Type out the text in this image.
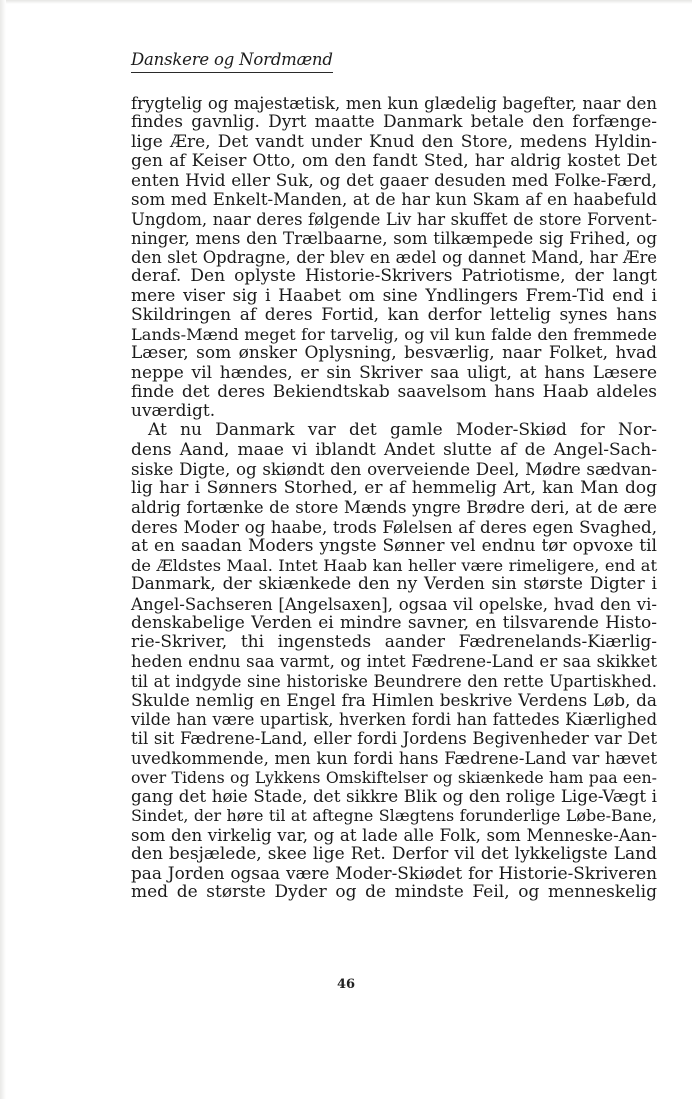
Danskere og Nordmænd
frygtelig og majestætisk, men kun glædelig bagefter, naar den
findes gavnlig. Dyrt maatte Danmark betale den forfænge-
lige Ære, Det vandt under Knud den Store, medens Hyldin-
gen af Keiser Otto, om den fandt Sted, har aldrig kostet Det
enten Hvid eller Suk, og det gaaer desuden med Folke-Færd,
som med Enkelt-Manden, at de har kun Skam af en haabefuld
Ungdom, naar deres følgende Liv har skuffet de store Forvent-
ninger, mens den Trælbaarne, som tilkæmpede sig Frihed, og
den slet Opdragne, der blev en ædel og dannet Mand, har Ære
deraf. Den oplyste Historie-Skrivers Patriotisme, der langt
mere viser sig i Haabet om sine Yndlingers Frem-Tid end i
Skildringen af deres Fortid, kan derfor lettelig synes hans
Lands-Mænd meget for tarvelig, og vil kun falde den fremmede
Læser, som ønsker Oplysning, besværlig, naar Folket, hvad
neppe vil hændes, er sin Skriver saa uligt, at hans Læsere
finde det deres Bekiendtskab saavelsom hans Haab aldeles
uværdigt.
At nu Danmark var det gamle Moder-Skiød for Nor-
dens Aand, maae vi iblandt Andet slutte af de Angel-Sach-
siske Digte, og skiøndt den overveiende Deel, Mødre sædvan-
lig har i Sønners Storhed, er af hemmelig Art, kan Man dog
aldrig fortænke de store Mænds yngre Brødre deri, at de ære
deres Moder og haabe, trods Følelsen af deres egen Svaghed,
at en saadan Moders yngste Sønner vel endnu tør opvoxe til
de Ældstes Maal. Intet Haab kan heller være rimeligere, end at
Danmark, der skiænkede den ny Verden sin største Digter i
Angel-Sachseren [Angelsaxen], ogsaa vil opelske, hvad den vi-
denskabelige Verden ei mindre savner, en tilsvarende Histo-
rie-Skriver, thi ingensteds aander Fædrenelands-Kiærlig-
heden endnu saa varmt, og intet Fædrene-Land er saa skikket
til at indgyde sine historiske Beundrere den rette Upartiskhed.
Skulde nemlig en Engel fra Himlen beskrive Verdens Løb, da
vilde han være upartisk, hverken fordi han fattedes Kiærlighed
til sit Fædrene-Land, eller fordi Jordens Begivenheder var Det
uvedkommende, men kun fordi hans Fædrene-Land var hævet
over Tidens og Lykkens Omskiftelser og skiænkede ham paa een-
gang det høie Stade, det sikkre Blik og den rolige Lige-Vægt i
Sindet, der høre til at aftegne Slægtens forunderlige Løbe-Bane,
som den virkelig var, og at lade alle Folk, som Menneske-Aan-
den besjælede, skee lige Ret. Derfor vil det lykkeligste Land
paa Jorden ogsaa være Moder-Skiødet for Historie-Skriveren
med de største Dyder og de mindste Feil, og menneskelig
46
